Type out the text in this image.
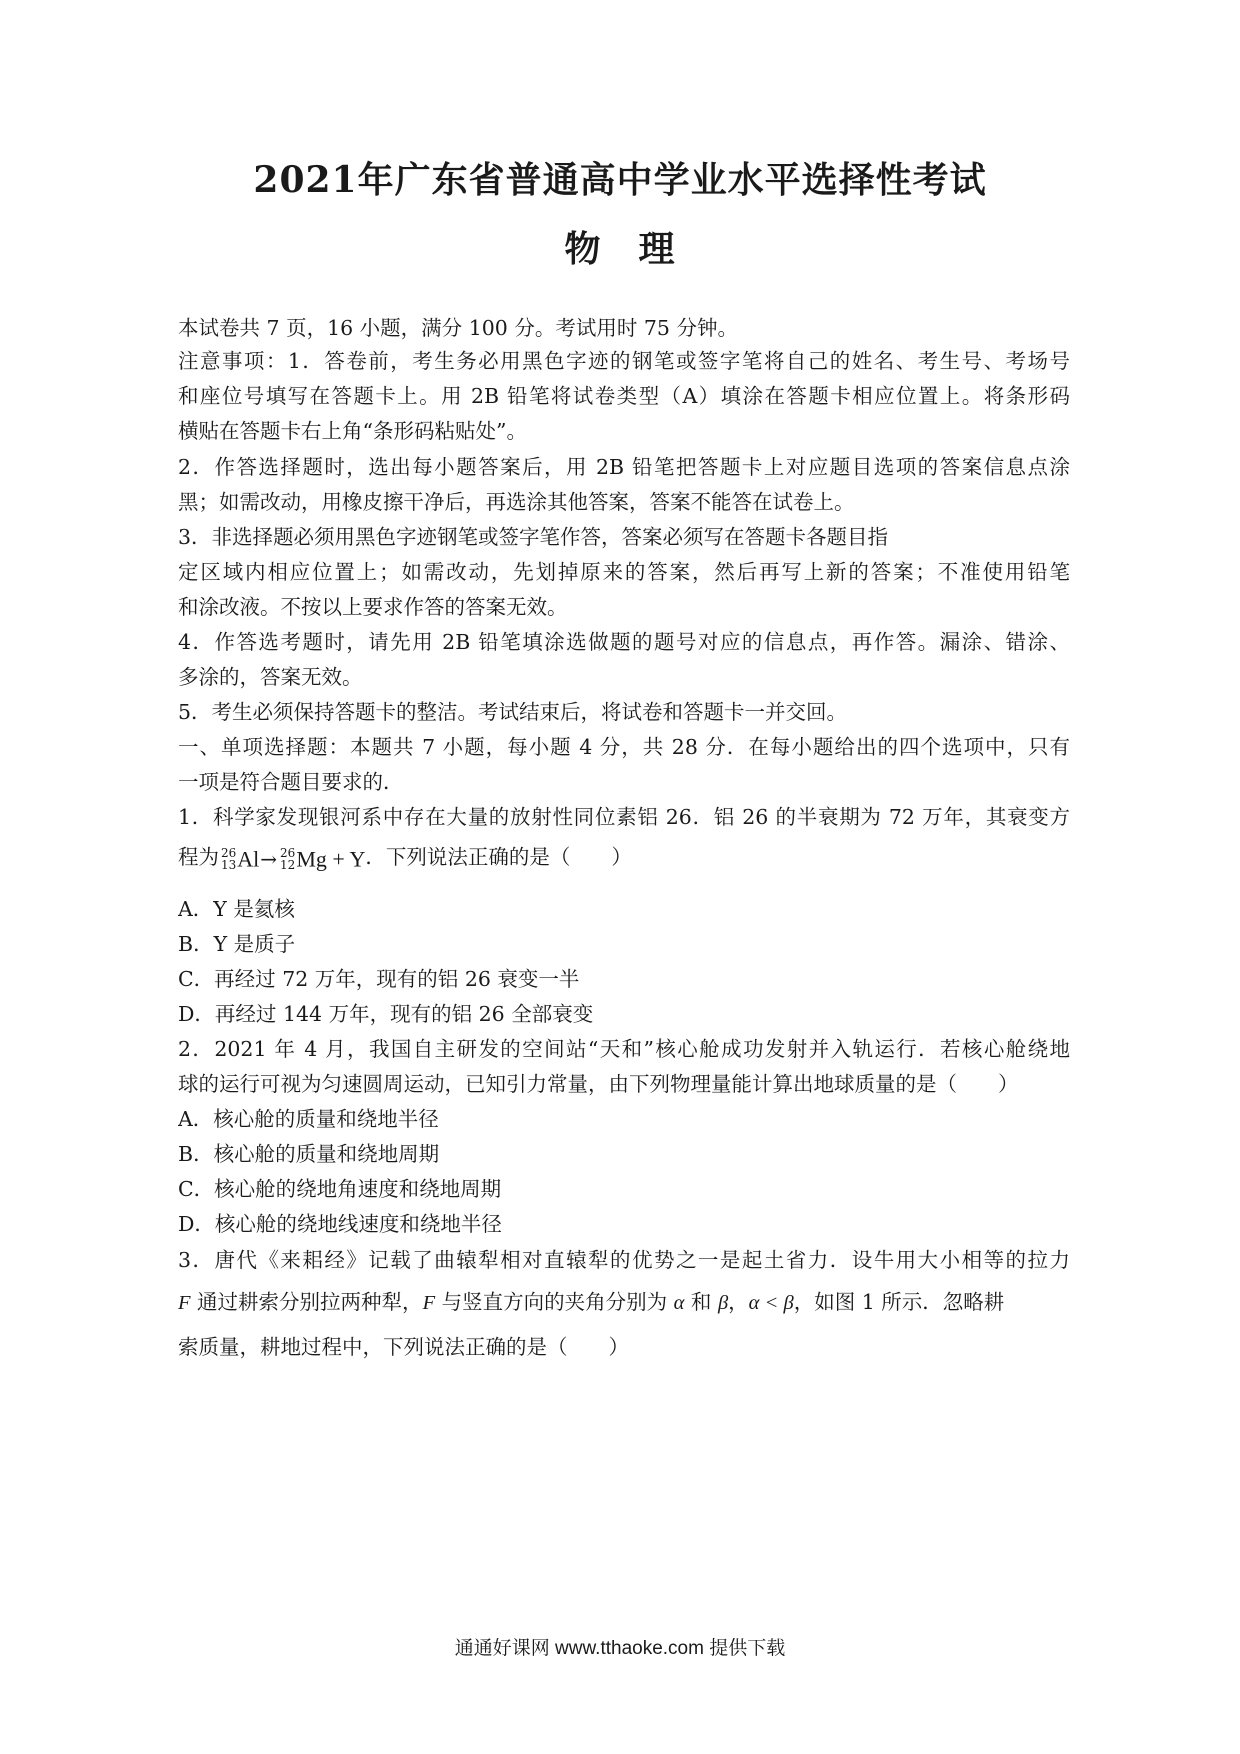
2021年广东省普通高中学业水平选择性考试
物　理
本试卷共 7 页，16 小题，满分 100 分。考试用时 75 分钟。
注意事项：1．答卷前，考生务必用黑色字迹的钢笔或签字笔将自己的姓名、考生号、考场号
和座位号填写在答题卡上。用 2B 铅笔将试卷类型（A）填涂在答题卡相应位置上。将条形码
横贴在答题卡右上角“条形码粘贴处”。
2．作答选择题时，选出每小题答案后，用 2B 铅笔把答题卡上对应题目选项的答案信息点涂
黑；如需改动，用橡皮擦干净后，再选涂其他答案，答案不能答在试卷上。
3．非选择题必须用黑色字迹钢笔或签字笔作答，答案必须写在答题卡各题目指
定区域内相应位置上；如需改动，先划掉原来的答案，然后再写上新的答案；不准使用铅笔
和涂改液。不按以上要求作答的答案无效。
4．作答选考题时，请先用 2B 铅笔填涂选做题的题号对应的信息点，再作答。漏涂、错涂、
多涂的，答案无效。
5．考生必须保持答题卡的整洁。考试结束后，将试卷和答题卡一并交回。
一、单项选择题：本题共 7 小题，每小题 4 分，共 28 分．在每小题给出的四个选项中，只有
一项是符合题目要求的．
1．科学家发现银河系中存在大量的放射性同位素铝 26．铝 26 的半衰期为 72 万年，其衰变方
程为 26
13 Al→ 26
12 Mg + Y．下列说法正确的是（　　）
A．Y 是氦核
B．Y 是质子
C．再经过 72 万年，现有的铝 26 衰变一半
D．再经过 144 万年，现有的铝 26 全部衰变
2．2021 年 4 月，我国自主研发的空间站“天和”核心舱成功发射并入轨运行．若核心舱绕地
球的运行可视为匀速圆周运动，已知引力常量，由下列物理量能计算出地球质量的是（　　）
A．核心舱的质量和绕地半径
B．核心舱的质量和绕地周期
C．核心舱的绕地角速度和绕地周期
D．核心舱的绕地线速度和绕地半径
3．唐代《来耜经》记载了曲辕犁相对直辕犁的优势之一是起土省力．设牛用大小相等的拉力
F 通过耕索分别拉两种犁，F 与竖直方向的夹角分别为 α 和 β，α < β，如图 1 所示．忽略耕
索质量，耕地过程中，下列说法正确的是（　　）
通通好课网 www.tthaoke.com 提供下载
